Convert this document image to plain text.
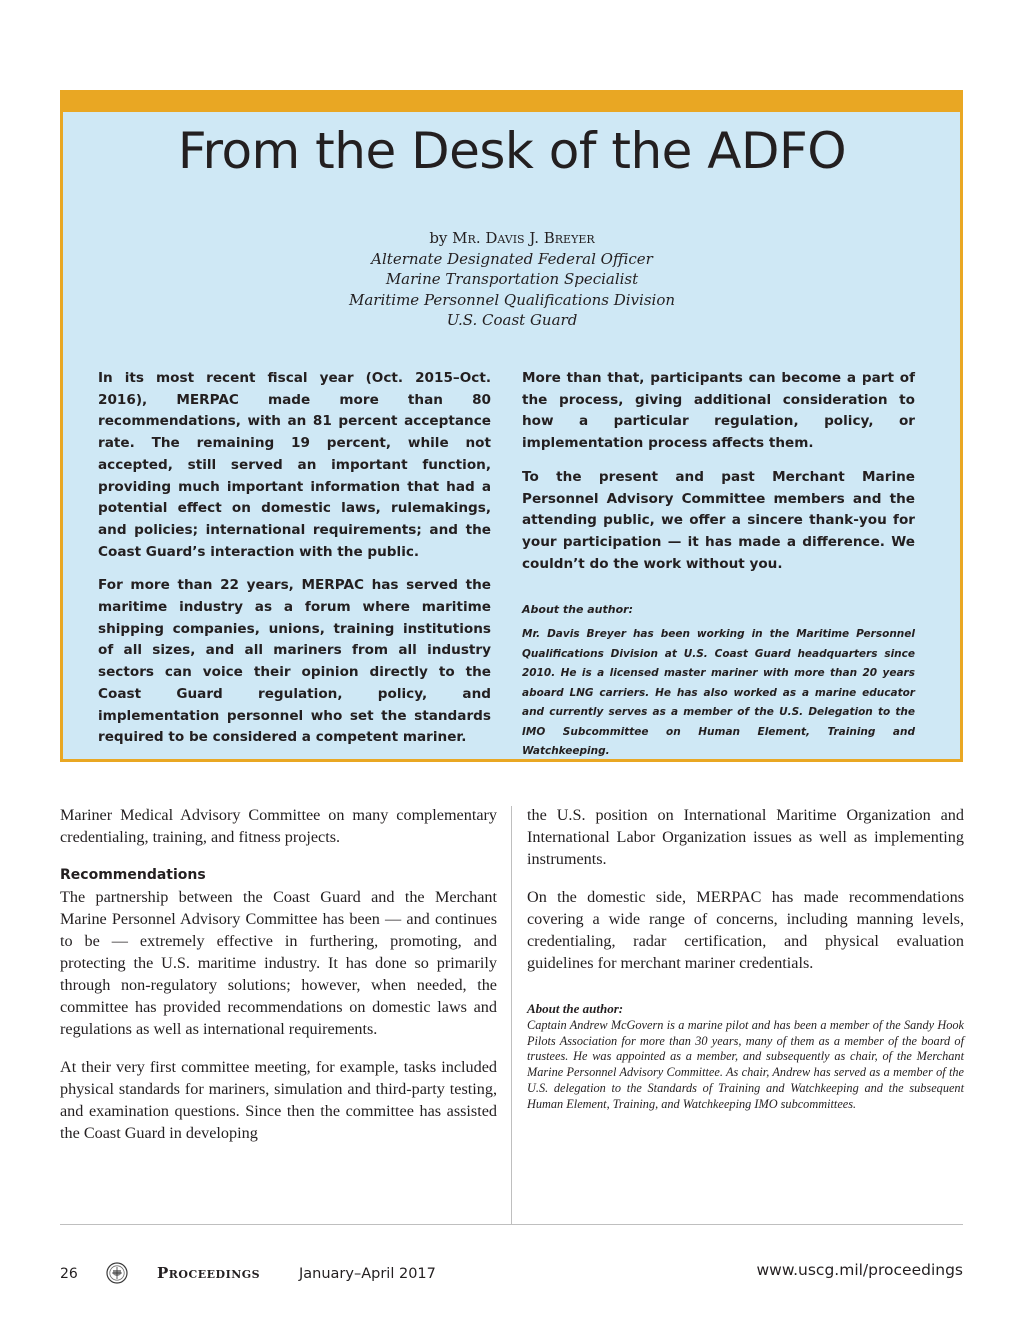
From the Desk of the ADFO
by Mr. Davis J. Breyer
Alternate Designated Federal Officer
Marine Transportation Specialist
Maritime Personnel Qualifications Division
U.S. Coast Guard

In its most recent fiscal year (Oct. 2015–Oct. 2016), MERPAC made more than 80 recommendations, with an 81 percent acceptance rate. The remaining 19 percent, while not accepted, still served an important function, providing much important information that had a potential effect on domestic laws, rulemakings, and policies; international requirements; and the Coast Guard’s interaction with the public.

For more than 22 years, MERPAC has served the maritime industry as a forum where maritime shipping companies, unions, training institutions of all sizes, and all mariners from all industry sectors can voice their opinion directly to the Coast Guard regulation, policy, and implementation personnel who set the standards required to be considered a competent mariner.

More than that, participants can become a part of the process, giving additional consideration to how a particular regulation, policy, or implementation process affects them.

To the present and past Merchant Marine Personnel Advisory Committee members and the attending public, we offer a sincere thank-you for your participation — it has made a difference. We couldn’t do the work without you.

About the author:
Mr. Davis Breyer has been working in the Maritime Personnel Qualifications Division at U.S. Coast Guard headquarters since 2010. He is a licensed master mariner with more than 20 years aboard LNG carriers. He has also worked as a marine educator and currently serves as a member of the U.S. Delegation to the IMO Subcommittee on Human Element, Training and Watchkeeping.

Mariner Medical Advisory Committee on many complementary credentialing, training, and fitness projects.

Recommendations

The partnership between the Coast Guard and the Merchant Marine Personnel Advisory Committee has been — and continues to be — extremely effective in furthering, promoting, and protecting the U.S. maritime industry. It has done so primarily through non-regulatory solutions; however, when needed, the committee has provided recommendations on domestic laws and regulations as well as international requirements.

At their very first committee meeting, for example, tasks included physical standards for mariners, simulation and third-party testing, and examination questions. Since then the committee has assisted the Coast Guard in developing

the U.S. position on International Maritime Organization and International Labor Organization issues as well as implementing instruments.

On the domestic side, MERPAC has made recommendations covering a wide range of concerns, including manning levels, credentialing, radar certification, and physical evaluation guidelines for merchant mariner credentials.

About the author:
Captain Andrew McGovern is a marine pilot and has been a member of the Sandy Hook Pilots Association for more than 30 years, many of them as a member of the board of trustees. He was appointed as a member, and subsequently as chair, of the Merchant Marine Personnel Advisory Committee. As chair, Andrew has served as a member of the U.S. delegation to the Standards of Training and Watchkeeping and the subsequent Human Element, Training, and Watchkeeping IMO subcommittees.
26	Proceedings	January–April 2017	www.uscg.mil/proceedings
